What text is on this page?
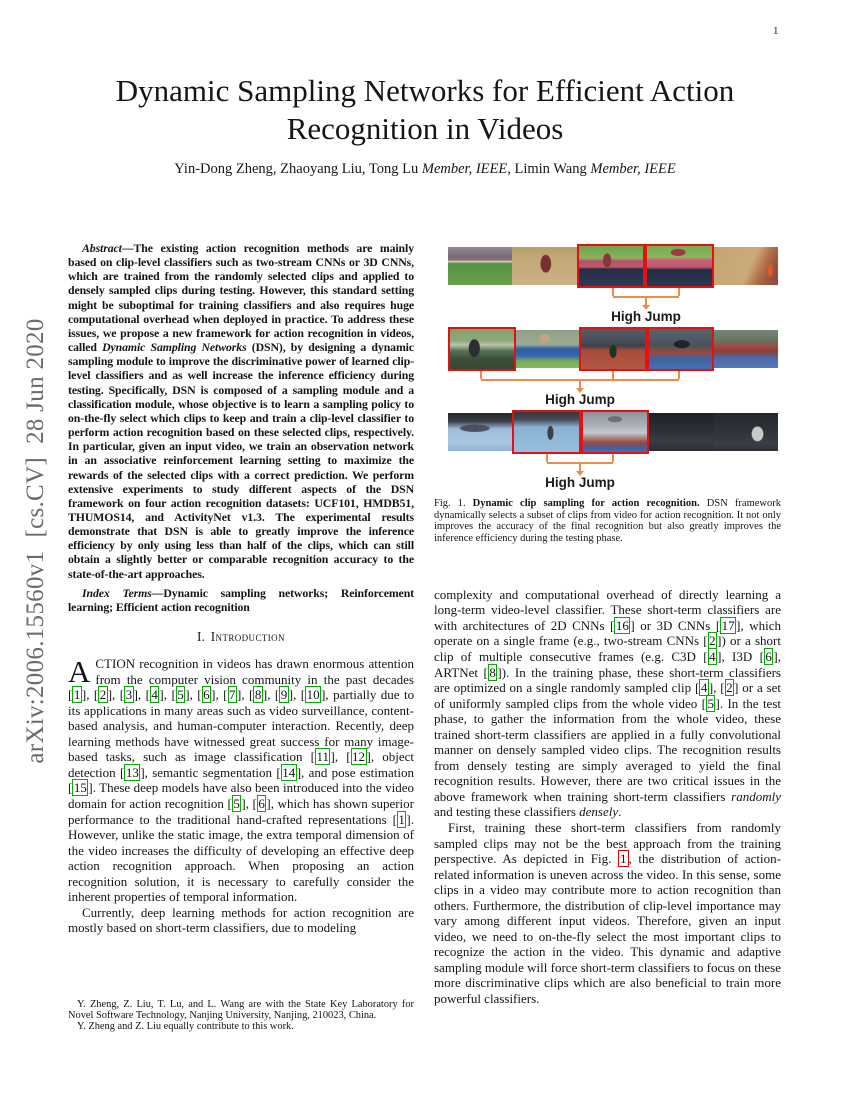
1
arXiv:2006.15560v1  [cs.CV]  28 Jun 2020
Dynamic Sampling Networks for Efficient Action
Recognition in Videos
Yin-Dong Zheng, Zhaoyang Liu, Tong Lu Member, IEEE, Limin Wang Member, IEEE

Abstract—The existing action recognition methods are mainly based on clip-level classifiers such as two-stream CNNs or 3D CNNs, which are trained from the randomly selected clips and applied to densely sampled clips during testing. However, this standard setting might be suboptimal for training classifiers and also requires huge computational overhead when deployed in practice. To address these issues, we propose a new framework for action recognition in videos, called Dynamic Sampling Networks (DSN), by designing a dynamic sampling module to improve the discriminative power of learned clip-level classifiers and as well increase the inference efficiency during testing. Specifically, DSN is composed of a sampling module and a classification module, whose objective is to learn a sampling policy to on-the-fly select which clips to keep and train a clip-level classifier to perform action recognition based on these selected clips, respectively. In particular, given an input video, we train an observation network in an associative reinforcement learning setting to maximize the rewards of the selected clips with a correct prediction. We perform extensive experiments to study different aspects of the DSN framework on four action recognition datasets: UCF101, HMDB51, THUMOS14, and ActivityNet v1.3. The experimental results demonstrate that DSN is able to greatly improve the inference efficiency by only using less than half of the clips, which can still obtain a slightly better or comparable recognition accuracy to the state-of-the-art approaches.

Index Terms—Dynamic sampling networks; Reinforcement learning; Efficient action recognition

I. Introduction

ACTION recognition in videos has drawn enormous attention from the computer vision community in the past decades [ 1 ], [ 2 ], [ 3 ], [ 4 ], [ 5 ], [ 6 ], [ 7 ], [ 8 ], [ 9 ], [ 10 ], partially due to its applications in many areas such as video surveillance, content-based analysis, and human-computer interaction. Recently, deep learning methods have witnessed great success for many image-based tasks, such as image classification [ 11 ], [ 12 ], object detection [ 13 ], semantic segmentation [ 14 ], and pose estimation [ 15 ]. These deep models have also been introduced into the video domain for action recognition [ 5 ], [ 6 ], which has shown superior performance to the traditional hand-crafted representations [ 1 ]. However, unlike the static image, the extra temporal dimension of the video increases the difficulty of developing an effective deep action recognition approach. When proposing an action recognition solution, it is necessary to carefully consider the inherent properties of temporal information.

Currently, deep learning methods for action recognition are mostly based on short-term classifiers, due to modeling

Y. Zheng, Z. Liu, T. Lu, and L. Wang are with the State Key Laboratory for Novel Software Technology, Nanjing University, Nanjing, 210023, China.

Y. Zheng and Z. Liu equally contribute to this work.

High Jump
High Jump
High Jump
Fig. 1. Dynamic clip sampling for action recognition. DSN framework dynamically selects a subset of clips from video for action recognition. It not only improves the accuracy of the final recognition but also greatly improves the inference efficiency during the testing phase.

complexity and computational overhead of directly learning a long-term video-level classifier. These short-term classifiers are with architectures of 2D CNNs [ 16 ] or 3D CNNs [ 17 ], which operate on a single frame (e.g., two-stream CNNs [ 2 ]) or a short clip of multiple consecutive frames (e.g. C3D [ 4 ], I3D [ 6 ], ARTNet [ 8 ]). In the training phase, these short-term classifiers are optimized on a single randomly sampled clip [ 4 ], [ 2 ] or a set of uniformly sampled clips from the whole video [ 5 ]. In the test phase, to gather the information from the whole video, these trained short-term classifiers are applied in a fully convolutional manner on densely sampled video clips. The recognition results from densely testing are simply averaged to yield the final recognition results. However, there are two critical issues in the above framework when training short-term classifiers randomly and testing these classifiers densely.

First, training these short-term classifiers from randomly sampled clips may not be the best approach from the training perspective. As depicted in Fig. 1 , the distribution of action-related information is uneven across the video. In this sense, some clips in a video may contribute more to action recognition than others. Furthermore, the distribution of clip-level importance may vary among different input videos. Therefore, given an input video, we need to on-the-fly select the most important clips to recognize the action in the video. This dynamic and adaptive sampling module will force short-term classifiers to focus on these more discriminative clips which are also beneficial to train more powerful classifiers.
